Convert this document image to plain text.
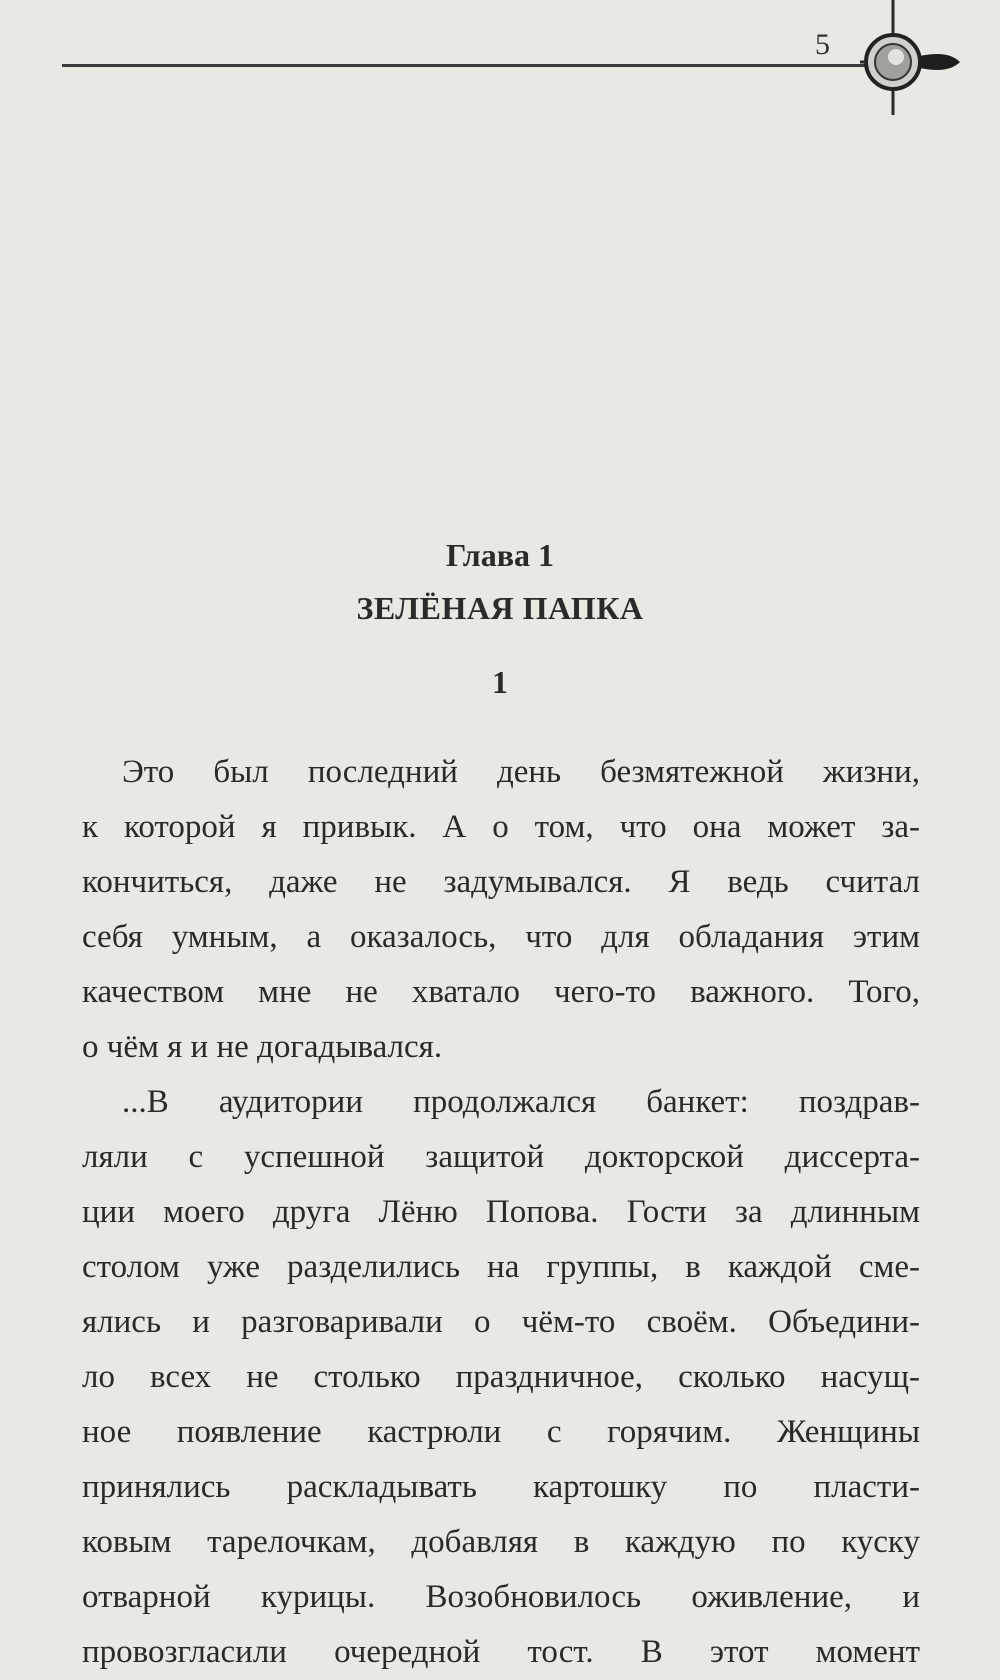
5
Глава 1
ЗЕЛЁНАЯ ПАПКА
1
Это был последний день безмятежной жизни,
к которой я привык. А о том, что она может за-
кончиться, даже не задумывался. Я ведь считал
себя умным, а оказалось, что для обладания этим
качеством мне не хватало чего-то важного. Того,
о чём я и не догадывался.
...В аудитории продолжался банкет: поздрав-
ляли с успешной защитой докторской диссерта-
ции моего друга Лёню Попова. Гости за длинным
столом уже разделились на группы, в каждой сме-
ялись и разговаривали о чём-то своём. Объедини-
ло всех не столько праздничное, сколько насущ-
ное появление кастрюли с горячим. Женщины
принялись раскладывать картошку по пласти-
ковым тарелочкам, добавляя в каждую по куску
отварной курицы. Возобновилось оживление, и
провозгласили очередной тост. В этот момент
